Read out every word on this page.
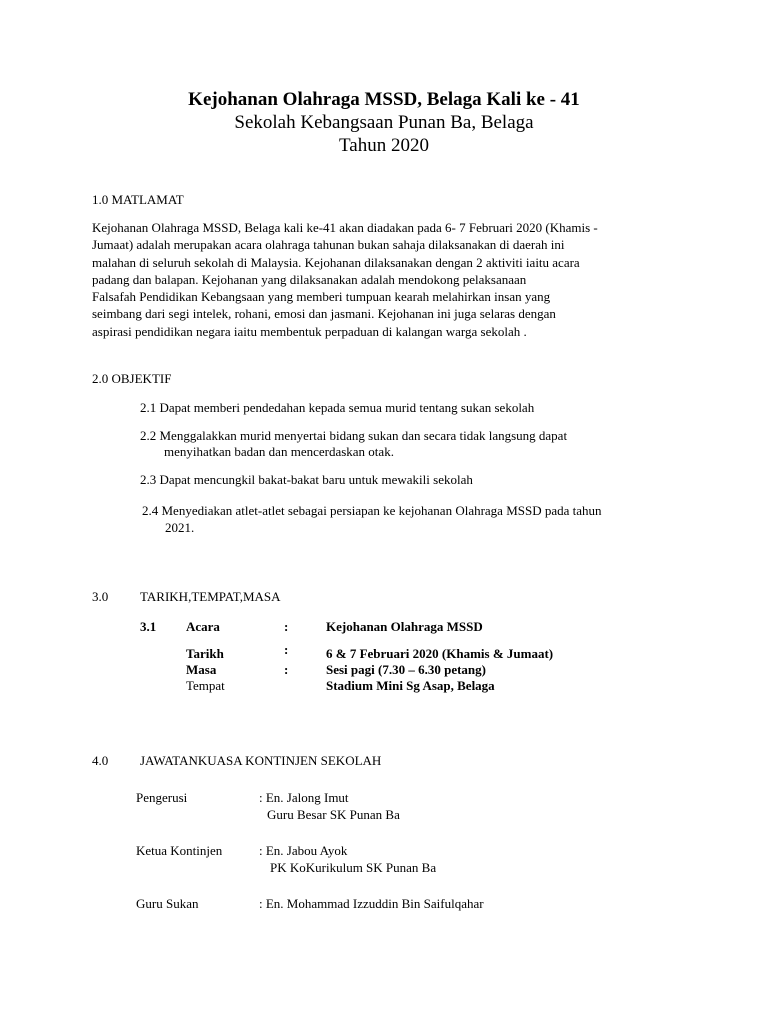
Kejohanan Olahraga MSSD, Belaga Kali ke - 41
Sekolah Kebangsaan Punan Ba, Belaga
Tahun 2020
1.0 MATLAMAT
Kejohanan Olahraga MSSD, Belaga kali ke-41 akan diadakan pada 6- 7 Februari 2020 (Khamis -
Jumaat) adalah merupakan acara olahraga tahunan bukan sahaja dilaksanakan di daerah ini
malahan di seluruh sekolah di Malaysia. Kejohanan dilaksanakan dengan 2 aktiviti iaitu acara
padang dan balapan. Kejohanan yang dilaksanakan adalah mendokong pelaksanaan
Falsafah Pendidikan Kebangsaan yang memberi tumpuan kearah melahirkan insan yang
seimbang dari segi intelek, rohani, emosi dan jasmani. Kejohanan ini juga selaras dengan
aspirasi pendidikan negara iaitu membentuk perpaduan di kalangan warga sekolah .
2.0 OBJEKTIF
2.1 Dapat memberi pendedahan kepada semua murid tentang sukan sekolah
2.2 Menggalakkan murid menyertai bidang sukan dan secara tidak langsung dapat
menyihatkan badan dan mencerdaskan otak.
2.3 Dapat mencungkil bakat-bakat baru untuk mewakili sekolah
2.4 Menyediakan atlet-atlet sebagai persiapan ke kejohanan Olahraga MSSD pada tahun
2021.
3.0 TARIKH,TEMPAT,MASA
3.1 Acara	:	Kejohanan Olahraga MSSD
Tarikh	:	6 & 7 Februari 2020 (Khamis & Jumaat)
Masa	:	Sesi pagi (7.30 – 6.30 petang)
Tempat	Stadium Mini Sg Asap, Belaga
4.0 JAWATANKUASA KONTINJEN SEKOLAH
Pengerusi	: En. Jalong Imut
Guru Besar SK Punan Ba
Ketua Kontinjen	: En. Jabou Ayok
PK KoKurikulum SK Punan Ba
Guru Sukan	: En. Mohammad Izzuddin Bin Saifulqahar
